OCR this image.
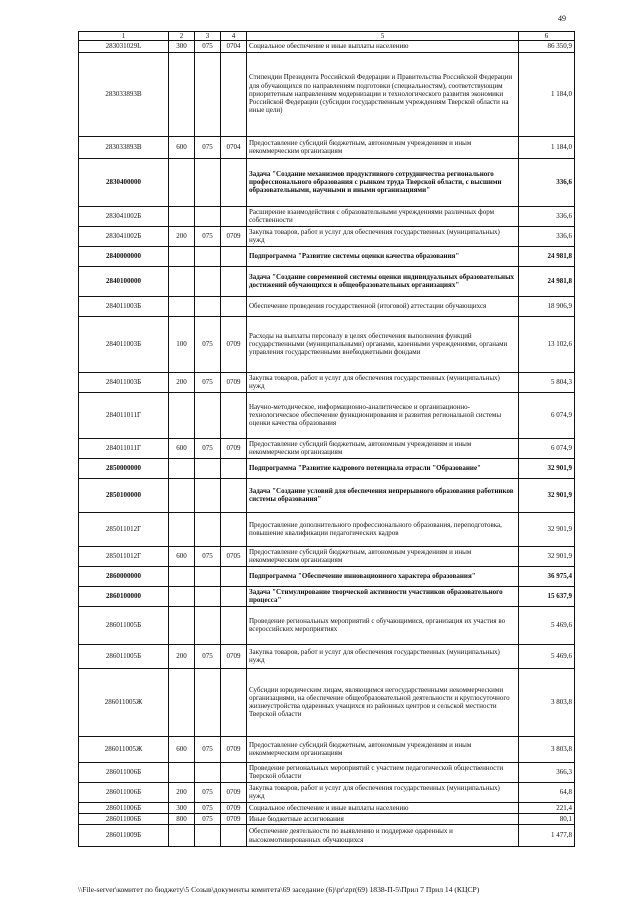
49
1	2	3	4	5	6
283031029L	300	075	0704	Социальное обеспечение и иные выплаты населению	86 350,9
283033893В				Стипендии Президента Российской Федерации и Правительства Российской Федерации для обучающихся по направлениям подготовки (специальностям), соответствующим приоритетным направлениям модернизации и технологического развития экономики Российской Федерации (субсидии государственным учреждениям Тверской области на иные цели)	1 184,0
283033893В	600	075	0704	Предоставление субсидий бюджетным, автономным учреждениям и иным некоммерческим организациям	1 184,0
2830400000				Задача "Создание механизмов продуктивного сотрудничества регионального профессионального образования с рынком труда Тверской области, с высшими образовательными, научными и иными организациями"	336,6
283041002Б				Расширение взаимодействия с образовательными учреждениями различных форм собственности	336,6
283041002Б	200	075	0709	Закупка товаров, работ и услуг для обеспечения государственных (муниципальных) нужд	336,6
2840000000				Подпрограмма "Развитие системы оценки качества образования"	24 981,8
2840100000				Задача "Создание современной системы оценки индивидуальных образовательных достижений обучающихся в общеобразовательных организациях"	24 981,8
284011003Б				Обеспечение проведения государственной (итоговой) аттестации обучающихся	18 906,9
284011003Б	100	075	0709	Расходы на выплаты персоналу в целях обеспечения выполнения функций государственными (муниципальными) органами, казенными учреждениями, органами управления государственными внебюджетными фондами	13 102,6
284011003Б	200	075	0709	Закупка товаров, работ и услуг для обеспечения государственных (муниципальных) нужд	5 804,3
284011011Г				Научно-методическое, информационно-аналитическое и организационно-технологическое обеспечение функционирования и развития региональной системы оценки качества образования	6 074,9
284011011Г	600	075	0709	Предоставление субсидий бюджетным, автономным учреждениям и иным некоммерческим организациям	6 074,9
2850000000				Подпрограмма "Развитие кадрового потенциала отрасли "Образование"	32 901,9
2850100000				Задача "Создание условий для обеспечения непрерывного образования работников системы образования"	32 901,9
285011012Г				Предоставление дополнительного профессионального образования, переподготовка, повышение квалификации педагогических кадров	32 901,9
285011012Г	600	075	0705	Предоставление субсидий бюджетным, автономным учреждениям и иным некоммерческим организациям	32 901,9
2860000000				Подпрограмма "Обеспечение инновационного характера образования"	36 975,4
2860100000				Задача "Стимулирование творческой активности участников образовательного процесса"	15 637,9
286011005Б				Проведение региональных мероприятий с обучающимися, организация их участия во всероссийских мероприятиях	5 469,6
286011005Б	200	075	0709	Закупка товаров, работ и услуг для обеспечения государственных (муниципальных) нужд	5 469,6
286011005Ж				Субсидии юридическим лицам, являющимся негосударственными некоммерческими организациями, на обеспечение общеобразовательной деятельности и круглосуточного жизнеустройства одаренных учащихся из районных центров и сельской местности Тверской области	3 803,8
286011005Ж	600	075	0709	Предоставление субсидий бюджетным, автономным учреждениям и иным некоммерческим организациям	3 803,8
286011006Б				Проведение региональных мероприятий с участием педагогической общественности Тверской области	366,3
286011006Б	200	075	0709	Закупка товаров, работ и услуг для обеспечения государственных (муниципальных) нужд	64,8
286011006Б	300	075	0709	Социальное обеспечение и иные выплаты населению	221,4
286011006Б	800	075	0709	Иные бюджетные ассигнования	80,1
286011009Б				Обеспечение деятельности по выявлению и поддержке одаренных и высокомотивированных обучающихся	1 477,8
\\File-server\комитет по бюджету\5 Созыв\документы комитета\69 заседание (6)\pr\zpr(69) 1838-П-5\Прил 7 Прил 14 (КЦСР)
